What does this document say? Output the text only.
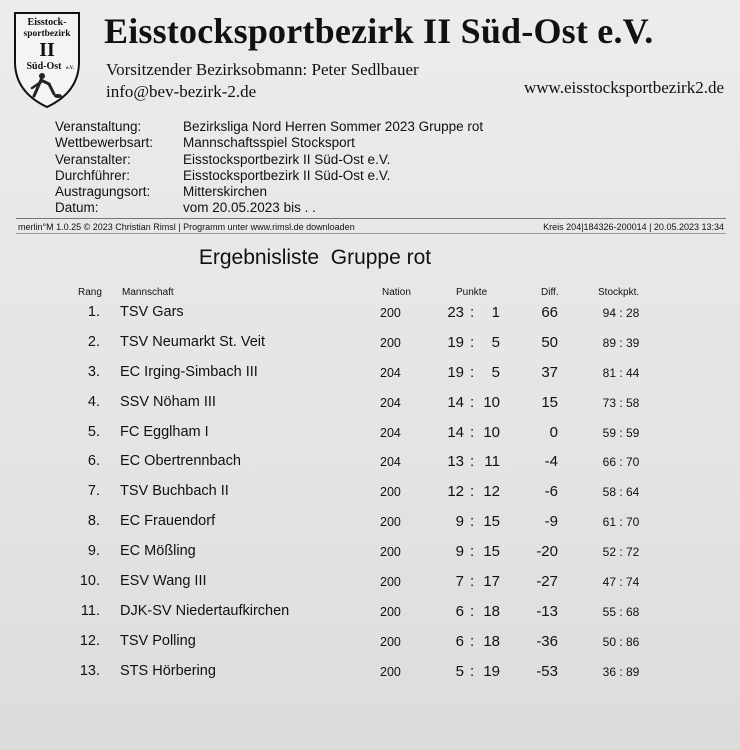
Eisstock-
sportbezirk
II
Süd-Ost e.V.
Eisstocksportbezirk II Süd-Ost e.V.
Vorsitzender Bezirksobmann: Peter Sedlbauer
info@bev-bezirk-2.de	www.eisstocksportbezirk2.de
Veranstaltung:	Bezirksliga Nord Herren Sommer 2023 Gruppe rot
Wettbewerbsart: Mannschaftsspiel Stocksport
Veranstalter:	Eisstocksportbezirk II Süd-Ost e.V.
Durchführer:	Eisstocksportbezirk II Süd-Ost e.V.
Austragungsort: Mitterskirchen
Datum:	vom 20.05.2023 bis . .
merlin°M 1.0.25 © 2023 Christian Rimsl | Programm unter www.rimsl.de downloaden	Kreis 204|184326-200014 | 20.05.2023 13:34
Ergebnisliste Gruppe rot
Rang Mannschaft	Nation	Punkte	Diff.	Stockpkt.
1. TSV Gars	200	23 :	1	66	94 : 28
2. TSV Neumarkt St. Veit	200	19 :	5	50	89 : 39
3. EC Irging-Simbach III	204	19 :	5	37	81 : 44
4. SSV Nöham III	204	14 : 10	15	73 : 58
5. FC Egglham I	204	14 : 10	0	59 : 59
6. EC Obertrennbach	204	13 : 11	-4	66 : 70
7. TSV Buchbach II	200	12 : 12	-6	58 : 64
8. EC Frauendorf	200	9 : 15	-9	61 : 70
9. EC Mößling	200	9 : 15	-20	52 : 72
10. ESV Wang III	200	7 : 17	-27	47 : 74
11. DJK-SV Niedertaufkirchen	200	6 : 18	-13	55 : 68
12. TSV Polling	200	6 : 18	-36	50 : 86
13. STS Hörbering	200	5 : 19	-53	36 : 89
